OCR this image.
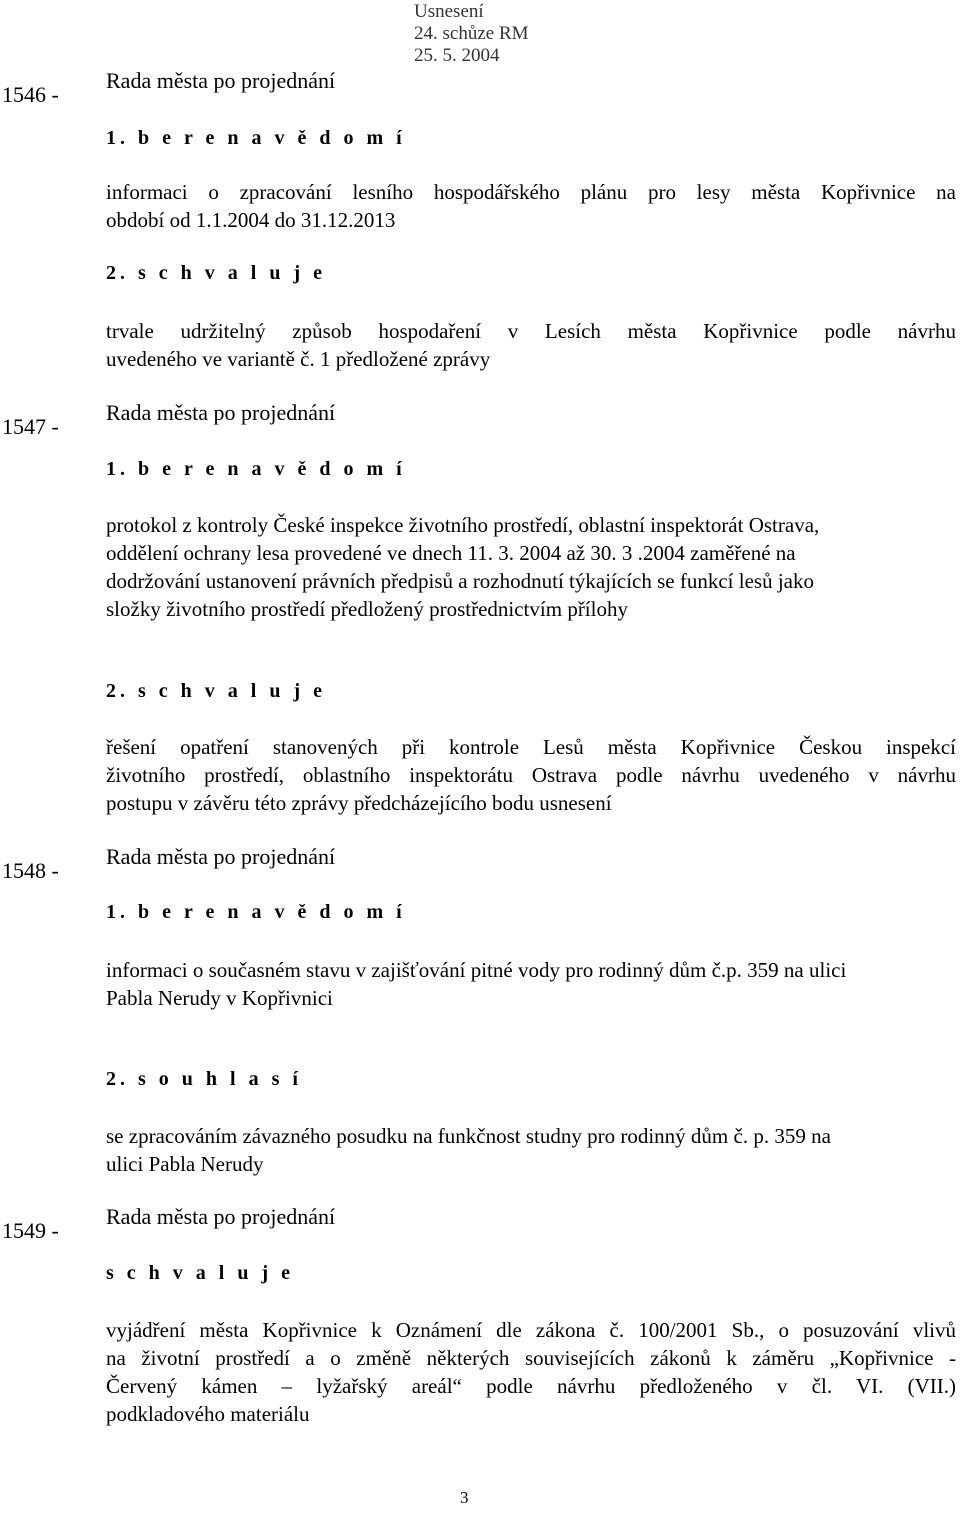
Usnesení
24. schůze RM
25. 5. 2004
1546 -
Rada města po projednání
1. b e r e n a v ě d o m í
informaci o zpracování lesního hospodářského plánu pro lesy města Kopřivnice na
období od 1.1.2004 do 31.12.2013
2. s c h v a l u j e
trvale udržitelný způsob hospodaření v Lesích města Kopřivnice podle návrhu
uvedeného ve variantě č. 1 předložené zprávy
1547 -
Rada města po projednání
1. b e r e n a v ě d o m í
protokol z kontroly České inspekce životního prostředí, oblastní inspektorát Ostrava,
oddělení ochrany lesa provedené ve dnech 11. 3. 2004 až 30. 3 .2004 zaměřené na
dodržování ustanovení právních předpisů a rozhodnutí týkajících se funkcí lesů jako
složky životního prostředí předložený prostřednictvím přílohy
2. s c h v a l u j e
řešení opatření stanovených při kontrole Lesů města Kopřivnice Českou inspekcí
životního prostředí, oblastního inspektorátu Ostrava podle návrhu uvedeného v návrhu
postupu v závěru této zprávy předcházejícího bodu usnesení
1548 -
Rada města po projednání
1. b e r e n a v ě d o m í
informaci o současném stavu v zajišťování pitné vody pro rodinný dům č.p. 359 na ulici
Pabla Nerudy v Kopřivnici
2. s o u h l a s í
se zpracováním závazného posudku na funkčnost studny pro rodinný dům č. p. 359 na
ulici Pabla Nerudy
1549 -
Rada města po projednání
s c h v a l u j e
vyjádření města Kopřivnice k Oznámení dle zákona č. 100/2001 Sb., o posuzování vlivů
na životní prostředí a o změně některých souvisejících zákonů k záměru „Kopřivnice -
Červený kámen – lyžařský areál“ podle návrhu předloženého v čl. VI. (VII.)
podkladového materiálu
3
